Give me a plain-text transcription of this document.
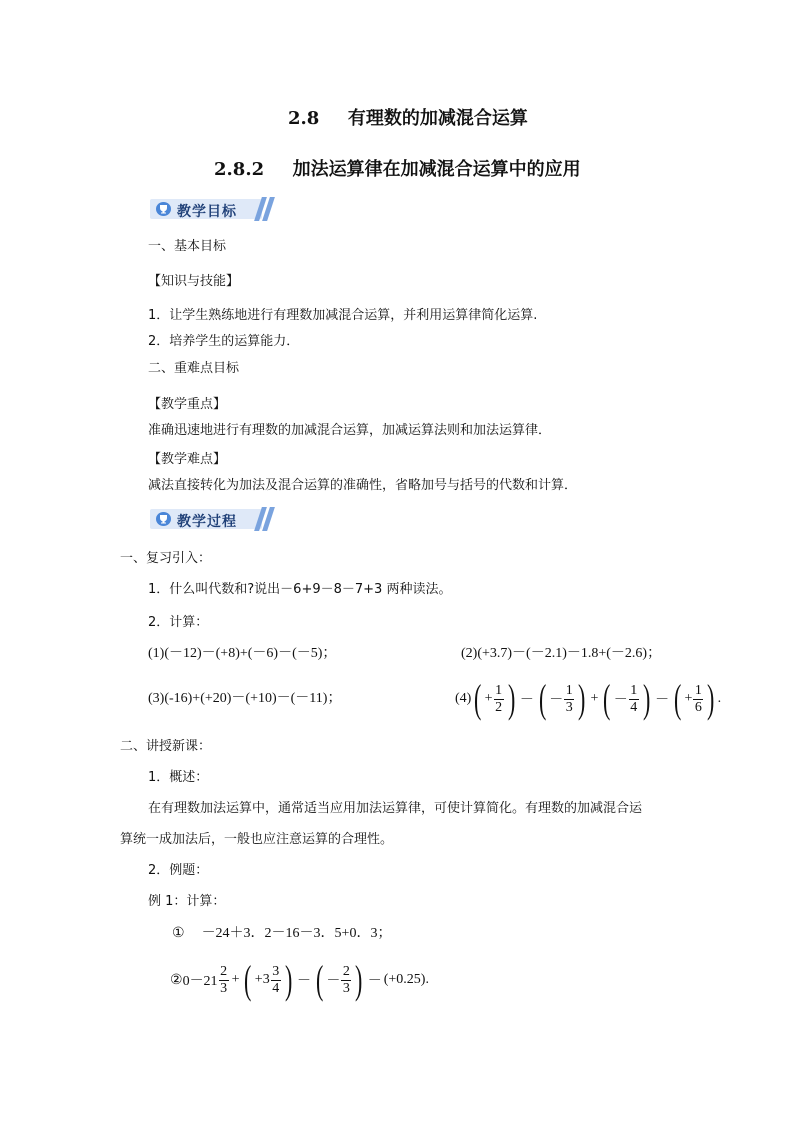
2.8 有理数的加减混合运算
2.8.2 加法运算律在加减混合运算中的应用
教学目标
一、基本目标
【知识与技能】
1．让学生熟练地进行有理数加减混合运算，并利用运算律简化运算.
2．培养学生的运算能力．
二、重难点目标
【教学重点】
准确迅速地进行有理数的加减混合运算，加减运算法则和加法运算律．
【教学难点】
减法直接转化为加法及混合运算的准确性，省略加号与括号的代数和计算．
教学过程
一、复习引入：
1．什么叫代数和?说出－6+9－8－7+3 两种读法。
2．计算：
(1)(－12)－(+8)+(－6)－(－5)；	(2)(+3.7)－(－2.1)－1.8+(－2.6)；
(3)(-16)+(+20)－(+10)－(－11)；	(4) ( + $\frac{1}{2}$ ) － ( － $\frac{1}{3}$ ) + ( － $\frac{1}{4}$ ) － ( + $\frac{1}{6}$ ) .
二、讲授新课：
1．概述：
在有理数加法运算中，通常适当应用加法运算律，可使计算简化。有理数的加减混合运
算统一成加法后，一般也应注意运算的合理性。
2．例题：
例 1：计算：
① －24＋3．2－16－3．5+0．3；
② $0-21 \frac{2}{3}$ + ( $+3 \frac{3}{4}$ ) － ( － $\frac{2}{3}$ ) － (+0.25) .
